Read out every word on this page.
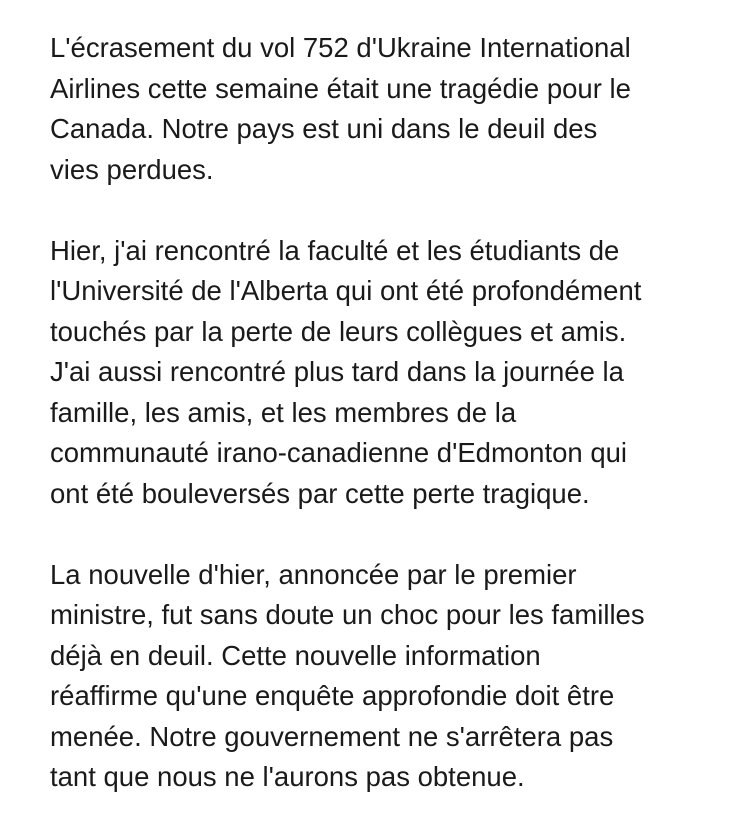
L'écrasement du vol 752 d'Ukraine International
Airlines cette semaine était une tragédie pour le
Canada. Notre pays est uni dans le deuil des
vies perdues.

Hier, j'ai rencontré la faculté et les étudiants de
l'Université de l'Alberta qui ont été profondément
touchés par la perte de leurs collègues et amis.
J'ai aussi rencontré plus tard dans la journée la
famille, les amis, et les membres de la
communauté irano-canadienne d'Edmonton qui
ont été bouleversés par cette perte tragique.

La nouvelle d'hier, annoncée par le premier
ministre, fut sans doute un choc pour les familles
déjà en deuil. Cette nouvelle information
réaffirme qu'une enquête approfondie doit être
menée. Notre gouvernement ne s'arrêtera pas
tant que nous ne l'aurons pas obtenue.
